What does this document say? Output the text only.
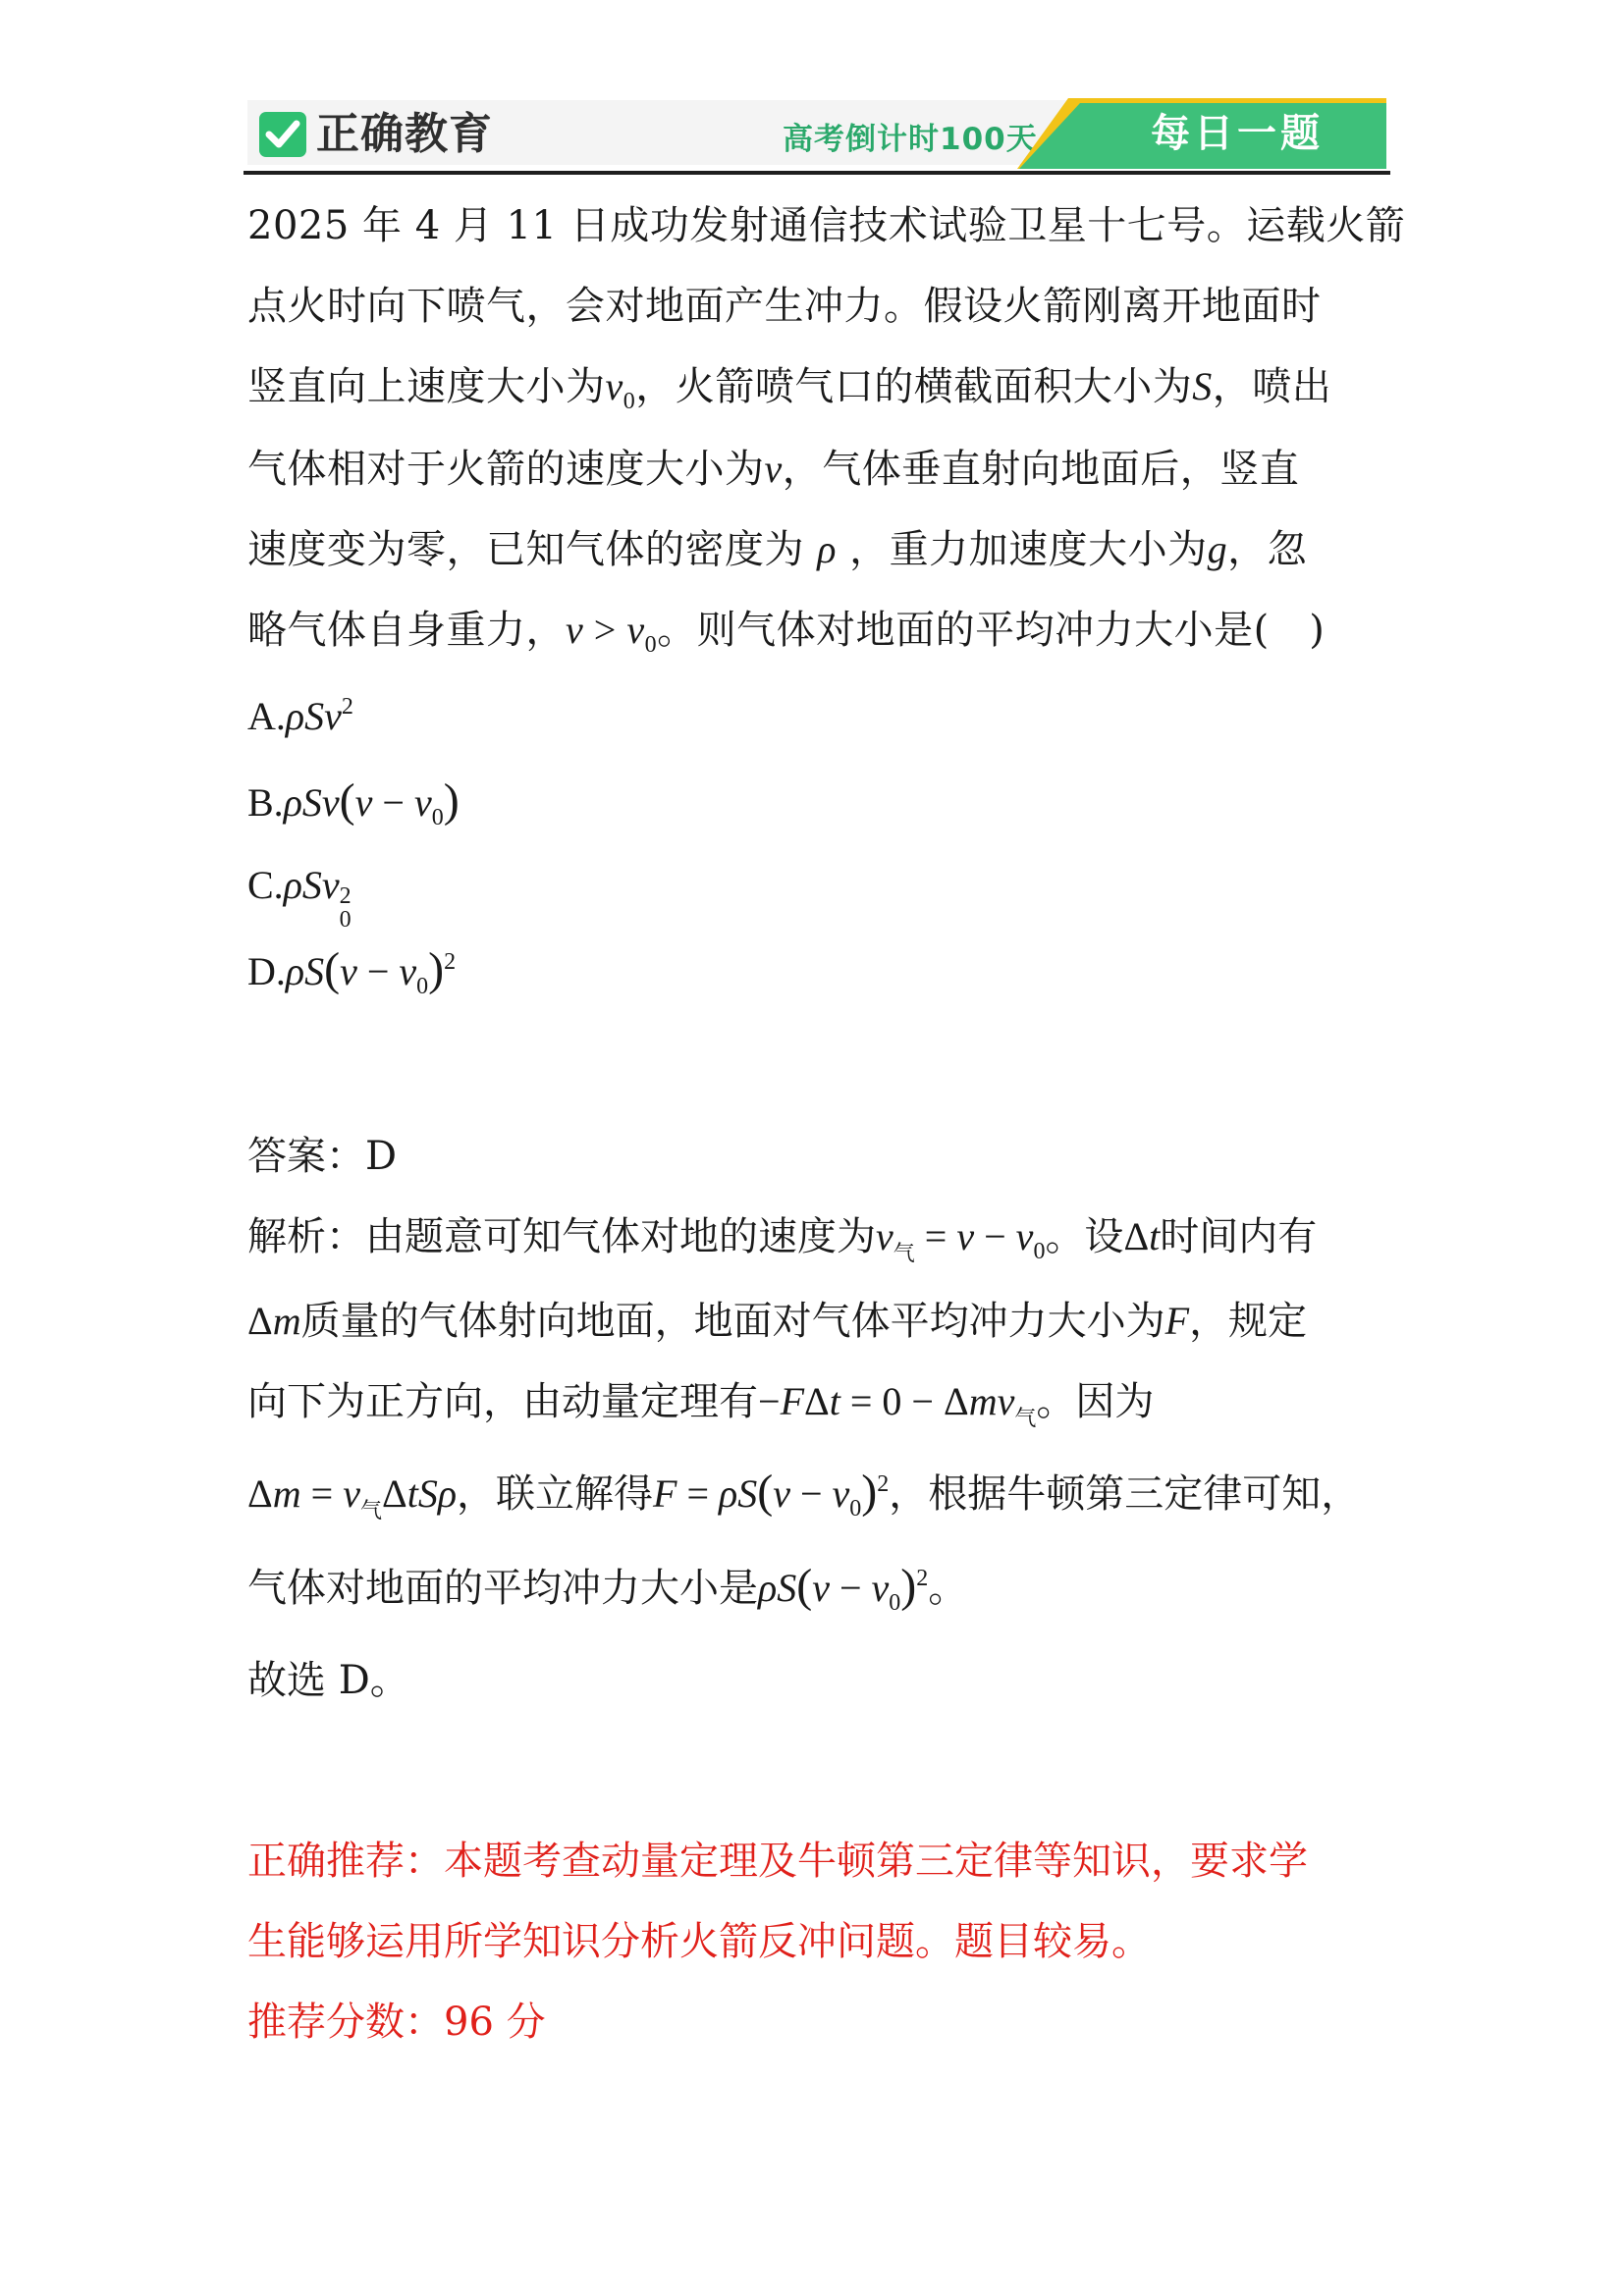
正确教育	高考倒计时100天	每日一题
2025 年 4 月 11 日成功发射通信技术试验卫星十七号。运载火箭
点火时向下喷气，会对地面产生冲力。假设火箭刚离开地面时
竖直向上速度大小为$v_0$，火箭喷气口的横截面积大小为S，喷出
气体相对于火箭的速度大小为v，气体垂直射向地面后，竖直
速度变为零，已知气体的密度为 ρ ，重力加速度大小为g，忽
略气体自身重力，$v > v_0$。则气体对地面的平均冲力大小是(　)
A.ρSv$^2$
$B.\rho Sv(v - v_0)$
C.ρSv 2
0
$D.\rho S(v - v_0)^2$
答案：D
解析：由题意可知气体对地的速度为$v_气 = v - v_0$。设Δt时间内有
Δm质量的气体射向地面，地面对气体平均冲力大小为F，规定
向下为正方向，由动量定理有−FΔt = 0 − Δmv$_气$。因为
$\Delta m = v_气\Delta tS\rho$，联立解得$F = \rho S(v - v_0)^2$，根据牛顿第三定律可知，
气体对地面的平均冲力大小是$\rho S(v - v_0)^2$。
故选 D。
正确推荐：本题考查动量定理及牛顿第三定律等知识，要求学
生能够运用所学知识分析火箭反冲问题。题目较易。
推荐分数：96 分
